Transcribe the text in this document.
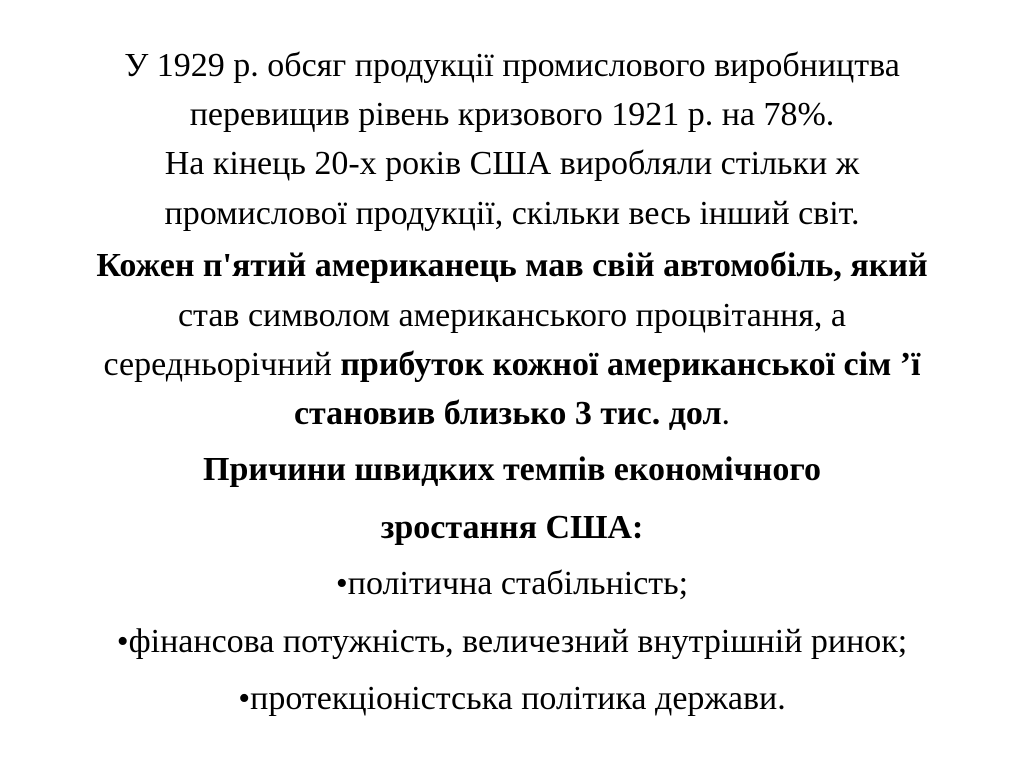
У 1929 р. обсяг продукції промислового виробництва
перевищив рівень кризового 1921 р. на 78%.
На кінець 20-х років США виробляли стільки ж
промислової продукції, скільки весь інший світ.
Кожен п'ятий американець мав свій автомобіль, який
став символом американського процвітання, а
середньорічний прибуток кожної американської сім ’ї
становив близько 3 тис. дол.
Причини швидких темпів економічного
зростання США:
•політична стабільність;
•фінансова потужність, величезний внутрішній ринок;
•протекціоністська політика держави.
